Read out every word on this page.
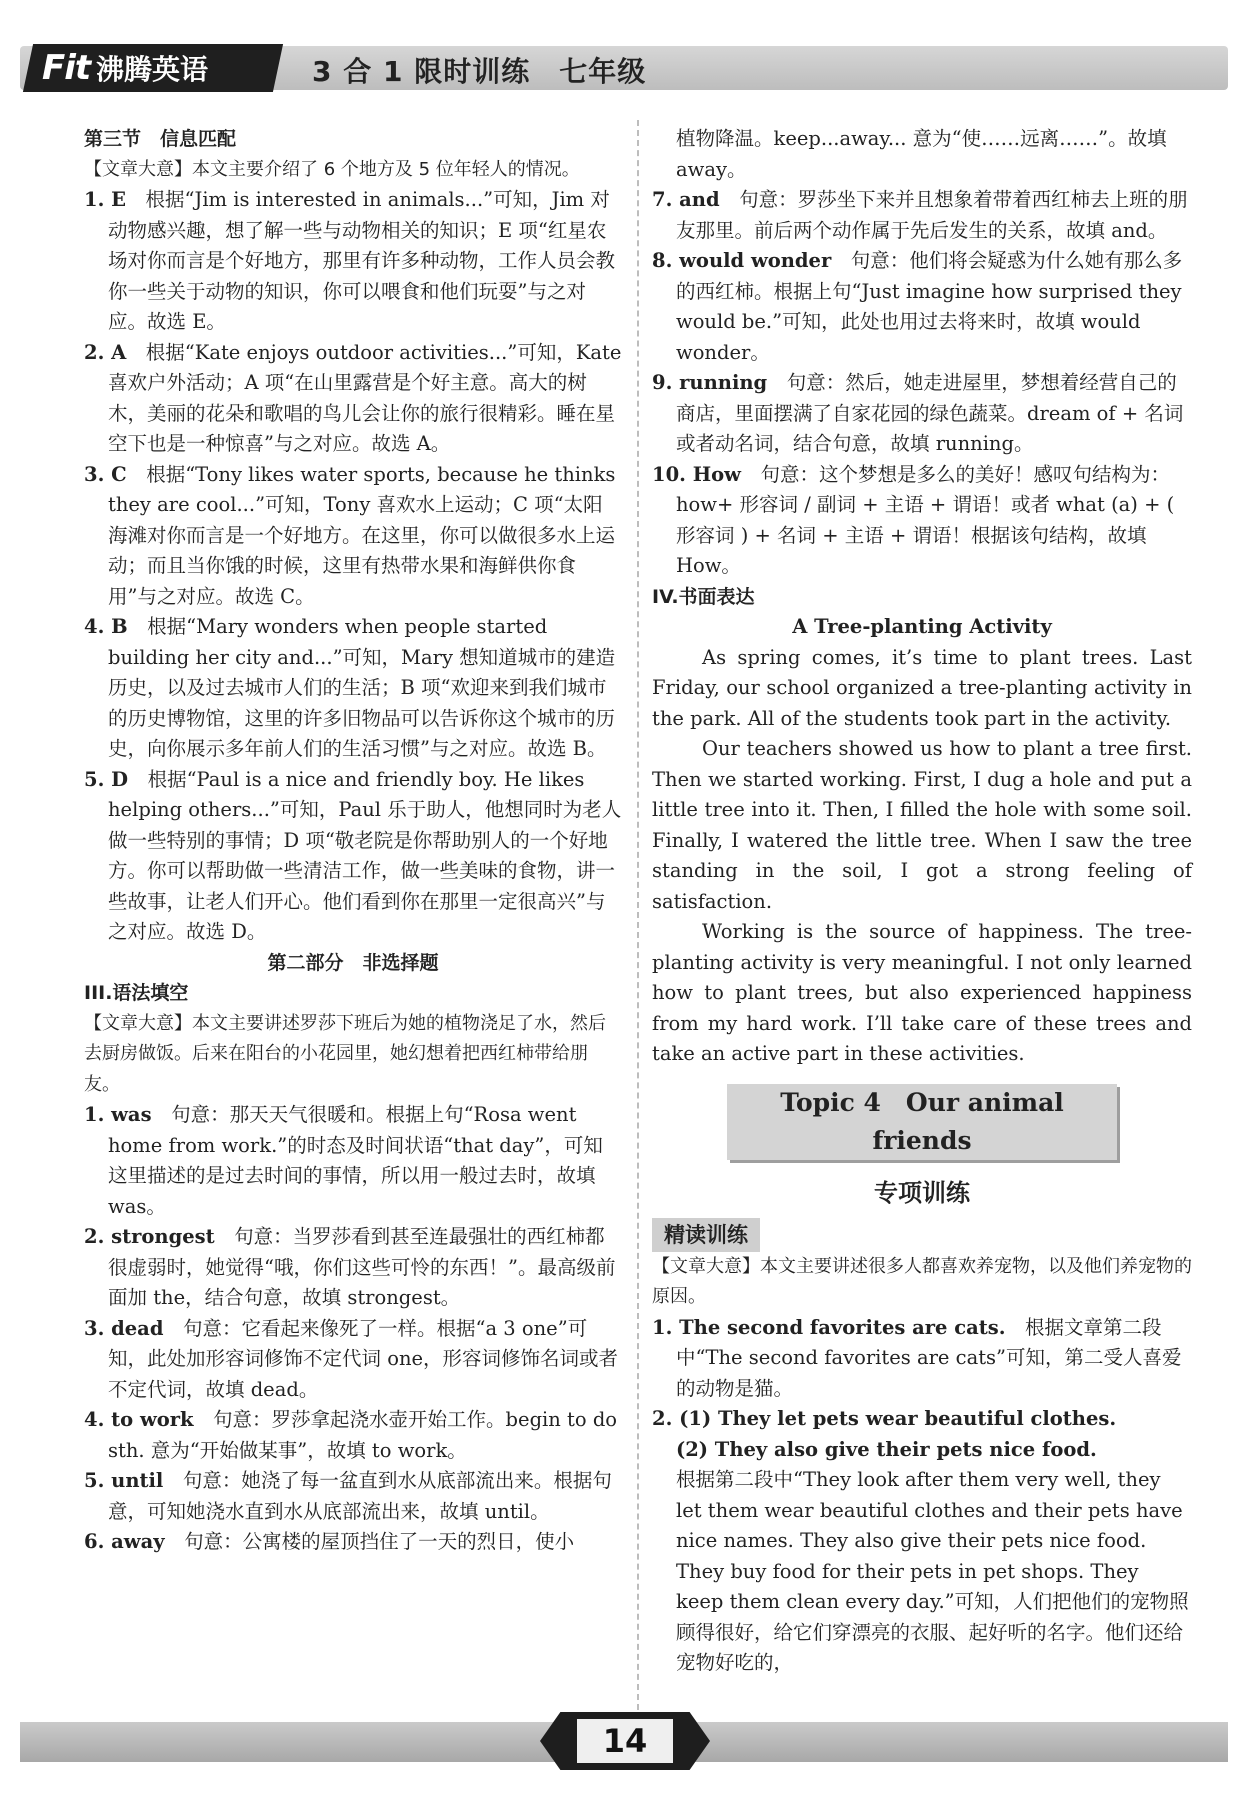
Fit 沸腾英语	3 合 1 限时训练　七年级

第三节　信息匹配

【文章大意】本文主要介绍了 6 个地方及 5 位年轻人的情况。

1. E　 根据“Jim is interested in animals...”可知，Jim 对动物感兴趣，想了解一些与动物相关的知识；E 项“红星农场对你而言是个好地方，那里有许多种动物，工作人员会教你一些关于动物的知识，你可以喂食和他们玩耍”与之对应。故选 E。

2. A　 根据“Kate enjoys outdoor activities...”可知，Kate 喜欢户外活动；A 项“在山里露营是个好主意。高大的树木，美丽的花朵和歌唱的鸟儿会让你的旅行很精彩。睡在星空下也是一种惊喜”与之对应。故选 A。

3. C　 根据“Tony likes water sports, because he thinks they are cool...”可知，Tony 喜欢水上运动；C 项“太阳海滩对你而言是一个好地方。在这里，你可以做很多水上运动；而且当你饿的时候，这里有热带水果和海鲜供你食用”与之对应。故选 C。

4. B　 根据“Mary wonders when people started building her city and...”可知，Mary 想知道城市的建造历史，以及过去城市人们的生活；B 项“欢迎来到我们城市的历史博物馆，这里的许多旧物品可以告诉你这个城市的历史，向你展示多年前人们的生活习惯”与之对应。故选 B。

5. D　 根据“Paul is a nice and friendly boy. He likes helping others...”可知，Paul 乐于助人，他想同时为老人做一些特别的事情；D 项“敬老院是你帮助别人的一个好地方。你可以帮助做一些清洁工作，做一些美味的食物，讲一些故事，让老人们开心。他们看到你在那里一定很高兴”与之对应。故选 D。

第二部分　非选择题

III.语法填空

【文章大意】本文主要讲述罗莎下班后为她的植物浇足了水，然后去厨房做饭。后来在阳台的小花园里，她幻想着把西红柿带给朋友。

1. was　 句意：那天天气很暖和。根据上句“Rosa went home from work.”的时态及时间状语“that day”，可知这里描述的是过去时间的事情，所以用一般过去时，故填 was。

2. strongest　 句意：当罗莎看到甚至连最强壮的西红柿都很虚弱时，她觉得“哦，你们这些可怜的东西！”。最高级前面加 the，结合句意，故填 strongest。

3. dead　 句意：它看起来像死了一样。根据“a 3 one”可知，此处加形容词修饰不定代词 one，形容词修饰名词或者不定代词，故填 dead。

4. to work　 句意：罗莎拿起浇水壶开始工作。begin to do sth. 意为“开始做某事”，故填 to work。

5. until　 句意：她浇了每一盆直到水从底部流出来。根据句意，可知她浇水直到水从底部流出来，故填 until。

6. away　 句意：公寓楼的屋顶挡住了一天的烈日，使小

植物降温。keep...away... 意为“使……远离……”。故填 away。

7. and　 句意：罗莎坐下来并且想象着带着西红柿去上班的朋友那里。前后两个动作属于先后发生的关系，故填 and。

8. would wonder　 句意：他们将会疑惑为什么她有那么多的西红柿。根据上句“Just imagine how surprised they would be.”可知，此处也用过去将来时，故填 would wonder。

9. running　 句意：然后，她走进屋里，梦想着经营自己的商店，里面摆满了自家花园的绿色蔬菜。dream of + 名词或者动名词，结合句意，故填 running。

10. How　 句意：这个梦想是多么的美好！感叹句结构为：how+ 形容词 / 副词 + 主语 + 谓语！或者 what (a) + ( 形容词 ) + 名词 + 主语 + 谓语！根据该句结构，故填 How。

IV.书面表达

A Tree-planting Activity

As spring comes, it’s time to plant trees. Last Friday, our school organized a tree-planting activity in the park. All of the students took part in the activity.

Our teachers showed us how to plant a tree first. Then we started working. First, I dug a hole and put a little tree into it. Then, I filled the hole with some soil. Finally, I watered the little tree. When I saw the tree standing in the soil, I got a strong feeling of satisfaction.

Working is the source of happiness. The tree-planting activity is very meaningful. I not only learned how to plant trees, but also experienced happiness from my hard work. I’ll take care of these trees and take an active part in these activities.

Topic 4　Our animal friends

专项训练

精读训练

【文章大意】本文主要讲述很多人都喜欢养宠物，以及他们养宠物的原因。

1. The second favorites are cats.　 根据文章第二段中“The second favorites are cats”可知，第二受人喜爱的动物是猫。

2. (1) They let pets wear beautiful clothes.

(2) They also give their pets nice food.

根据第二段中“They look after them very well, they let them wear beautiful clothes and their pets have nice names. They also give their pets nice food. They buy food for their pets in pet shops. They keep them clean every day.”可知，人们把他们的宠物照顾得很好，给它们穿漂亮的衣服、起好听的名字。他们还给宠物好吃的，

14
